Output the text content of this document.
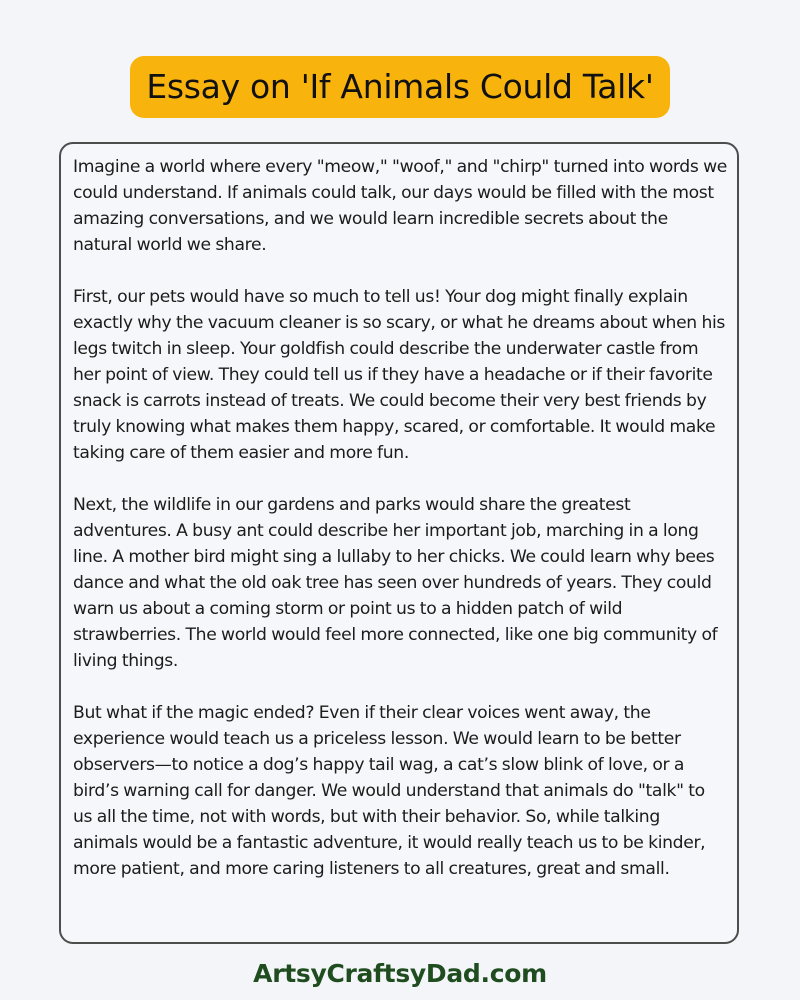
Essay on 'If Animals Could Talk'

Imagine a world where every "meow," "woof," and "chirp" turned into words we could understand. If animals could talk, our days would be filled with the most amazing conversations, and we would learn incredible secrets about the natural world we share.

First, our pets would have so much to tell us! Your dog might finally explain exactly why the vacuum cleaner is so scary, or what he dreams about when his legs twitch in sleep. Your goldfish could describe the underwater castle from her point of view. They could tell us if they have a headache or if their favorite snack is carrots instead of treats. We could become their very best friends by truly knowing what makes them happy, scared, or comfortable. It would make taking care of them easier and more fun.

Next, the wildlife in our gardens and parks would share the greatest adventures. A busy ant could describe her important job, marching in a long line. A mother bird might sing a lullaby to her chicks. We could learn why bees dance and what the old oak tree has seen over hundreds of years. They could warn us about a coming storm or point us to a hidden patch of wild strawberries. The world would feel more connected, like one big community of living things.

But what if the magic ended? Even if their clear voices went away, the experience would teach us a priceless lesson. We would learn to be better observers—to notice a dog’s happy tail wag, a cat’s slow blink of love, or a bird’s warning call for danger. We would understand that animals do "talk" to us all the time, not with words, but with their behavior. So, while talking animals would be a fantastic adventure, it would really teach us to be kinder, more patient, and more caring listeners to all creatures, great and small.

ArtsyCraftsyDad.com
